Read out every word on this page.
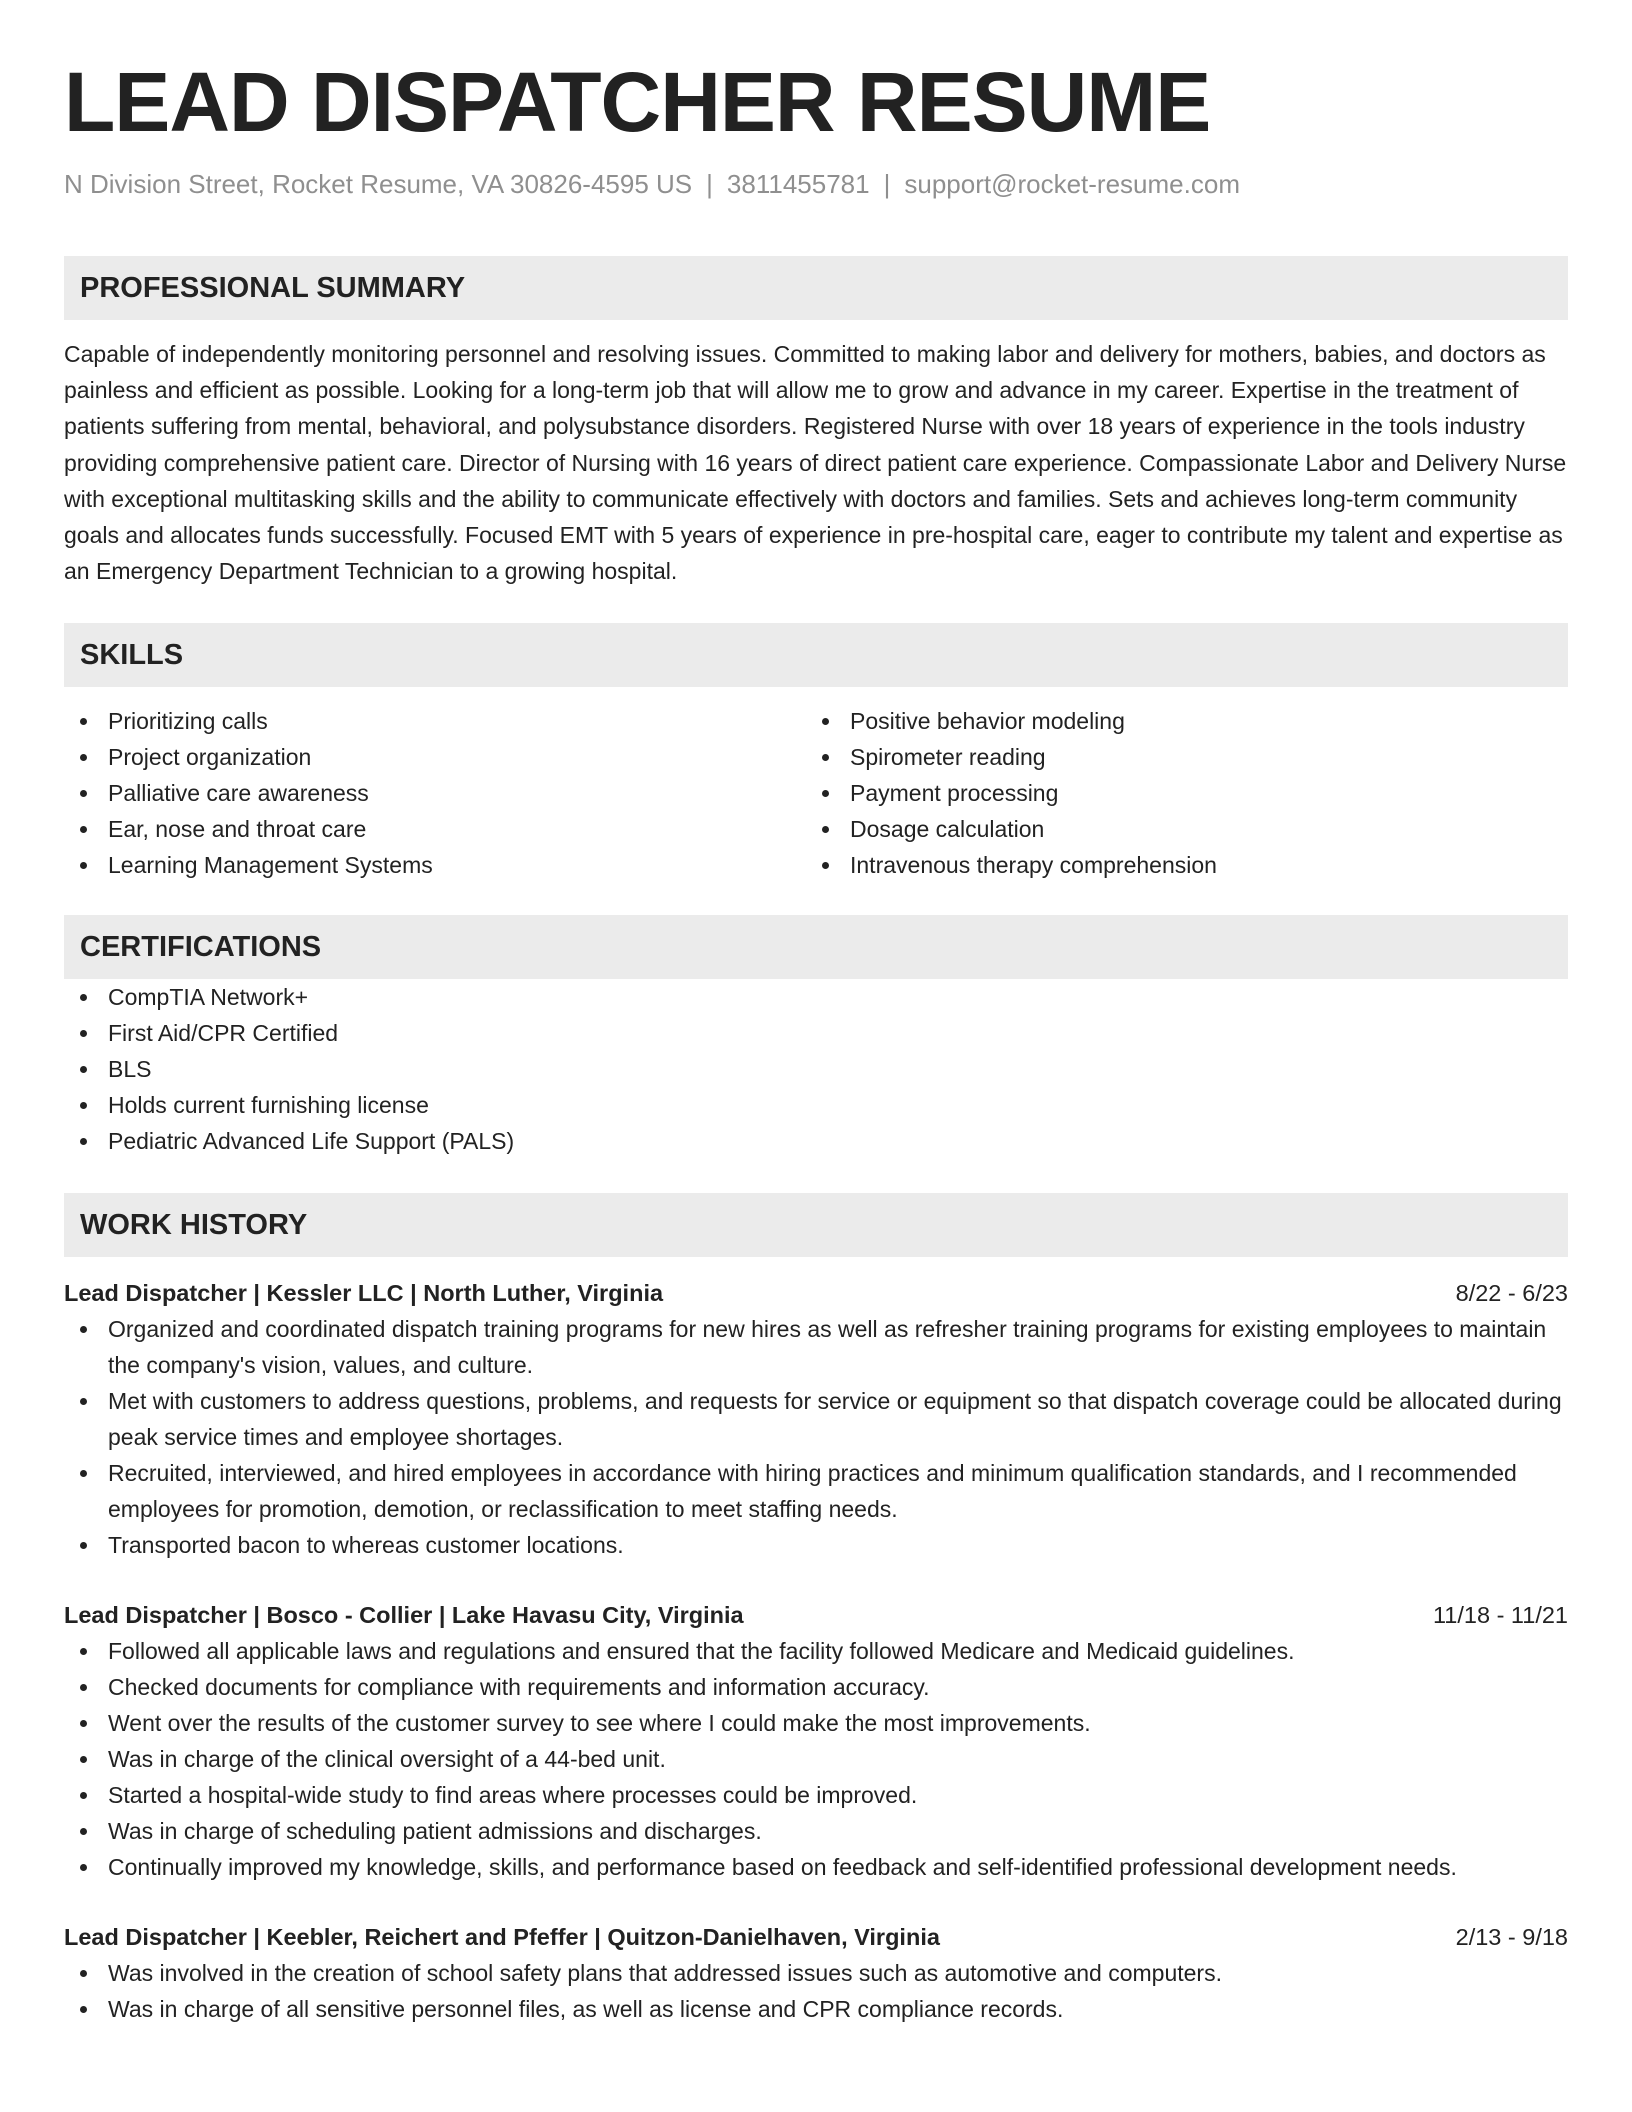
LEAD DISPATCHER RESUME
N Division Street, Rocket Resume, VA 30826-4595 US | 3811455781 | support@rocket-resume.com
PROFESSIONAL SUMMARY

Capable of independently monitoring personnel and resolving issues. Committed to making labor and delivery for mothers, babies, and doctors as painless and efficient as possible. Looking for a long-term job that will allow me to grow and advance in my career. Expertise in the treatment of patients suffering from mental, behavioral, and polysubstance disorders. Registered Nurse with over 18 years of experience in the tools industry providing comprehensive patient care. Director of Nursing with 16 years of direct patient care experience. Compassionate Labor and Delivery Nurse with exceptional multitasking skills and the ability to communicate effectively with doctors and families. Sets and achieves long-term community goals and allocates funds successfully. Focused EMT with 5 years of experience in pre-hospital care, eager to contribute my talent and expertise as an Emergency Department Technician to a growing hospital.

SKILLS
Prioritizing calls
Project organization
Palliative care awareness
Ear, nose and throat care
Learning Management Systems
Positive behavior modeling
Spirometer reading
Payment processing
Dosage calculation
Intravenous therapy comprehension
CERTIFICATIONS
CompTIA Network+
First Aid/CPR Certified
BLS
Holds current furnishing license
Pediatric Advanced Life Support (PALS)
WORK HISTORY
Lead Dispatcher | Kessler LLC | North Luther, Virginia	8/22 - 6/23
Organized and coordinated dispatch training programs for new hires as well as refresher training programs for existing employees to maintain the company's vision, values, and culture.
Met with customers to address questions, problems, and requests for service or equipment so that dispatch coverage could be allocated during peak service times and employee shortages.
Recruited, interviewed, and hired employees in accordance with hiring practices and minimum qualification standards, and I recommended employees for promotion, demotion, or reclassification to meet staffing needs.
Transported bacon to whereas customer locations.
Lead Dispatcher | Bosco - Collier | Lake Havasu City, Virginia	11/18 - 11/21
Followed all applicable laws and regulations and ensured that the facility followed Medicare and Medicaid guidelines.
Checked documents for compliance with requirements and information accuracy.
Went over the results of the customer survey to see where I could make the most improvements.
Was in charge of the clinical oversight of a 44-bed unit.
Started a hospital-wide study to find areas where processes could be improved.
Was in charge of scheduling patient admissions and discharges.
Continually improved my knowledge, skills, and performance based on feedback and self-identified professional development needs.
Lead Dispatcher | Keebler, Reichert and Pfeffer | Quitzon-Danielhaven, Virginia	2/13 - 9/18
Was involved in the creation of school safety plans that addressed issues such as automotive and computers.
Was in charge of all sensitive personnel files, as well as license and CPR compliance records.
